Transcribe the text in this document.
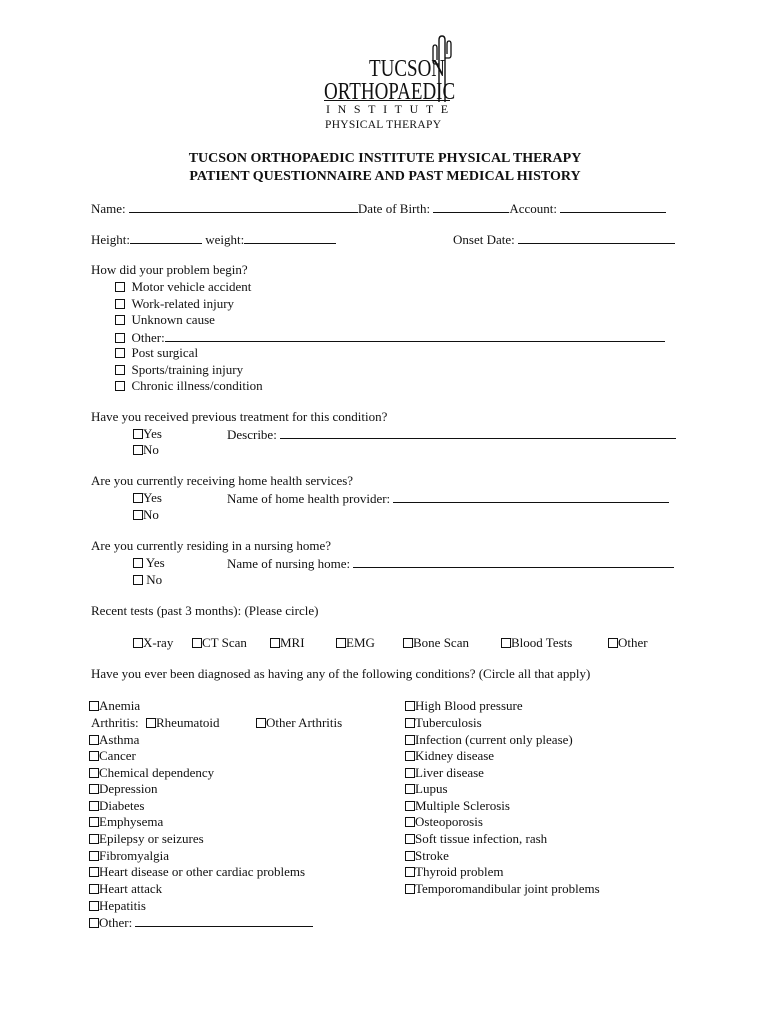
TUCSON
ORTHOPAEDIC
INSTITUTE
PHYSICAL THERAPY
TUCSON ORTHOPAEDIC INSTITUTE PHYSICAL THERAPY
PATIENT QUESTIONNAIRE AND PAST MEDICAL HISTORY
Name:	Date of Birth:	Account:
Height:	weight:	Onset Date:
How did your problem begin?
Motor vehicle accident
Work-related injury
Unknown cause
Other:
Post surgical
Sports/training injury
Chronic illness/condition
Have you received previous treatment for this condition?
Yes	Describe:
No
Are you currently receiving home health services?
Yes	Name of home health provider:
No
Are you currently residing in a nursing home?
Yes	Name of nursing home:
No
Recent tests (past 3 months): (Please circle)
X-ray	CT Scan	MRI	EMG	Bone Scan	Blood Tests	Other
Have you ever been diagnosed as having any of the following conditions? (Circle all that apply)
Anemia
Arthritis:	Rheumatoid	Other Arthritis
Asthma
Cancer
Chemical dependency
Depression
Diabetes
Emphysema
Epilepsy or seizures
Fibromyalgia
Heart disease or other cardiac problems
Heart attack
Hepatitis
Other:
High Blood pressure
Tuberculosis
Infection (current only please)
Kidney disease
Liver disease
Lupus
Multiple Sclerosis
Osteoporosis
Soft tissue infection, rash
Stroke
Thyroid problem
Temporomandibular joint problems
